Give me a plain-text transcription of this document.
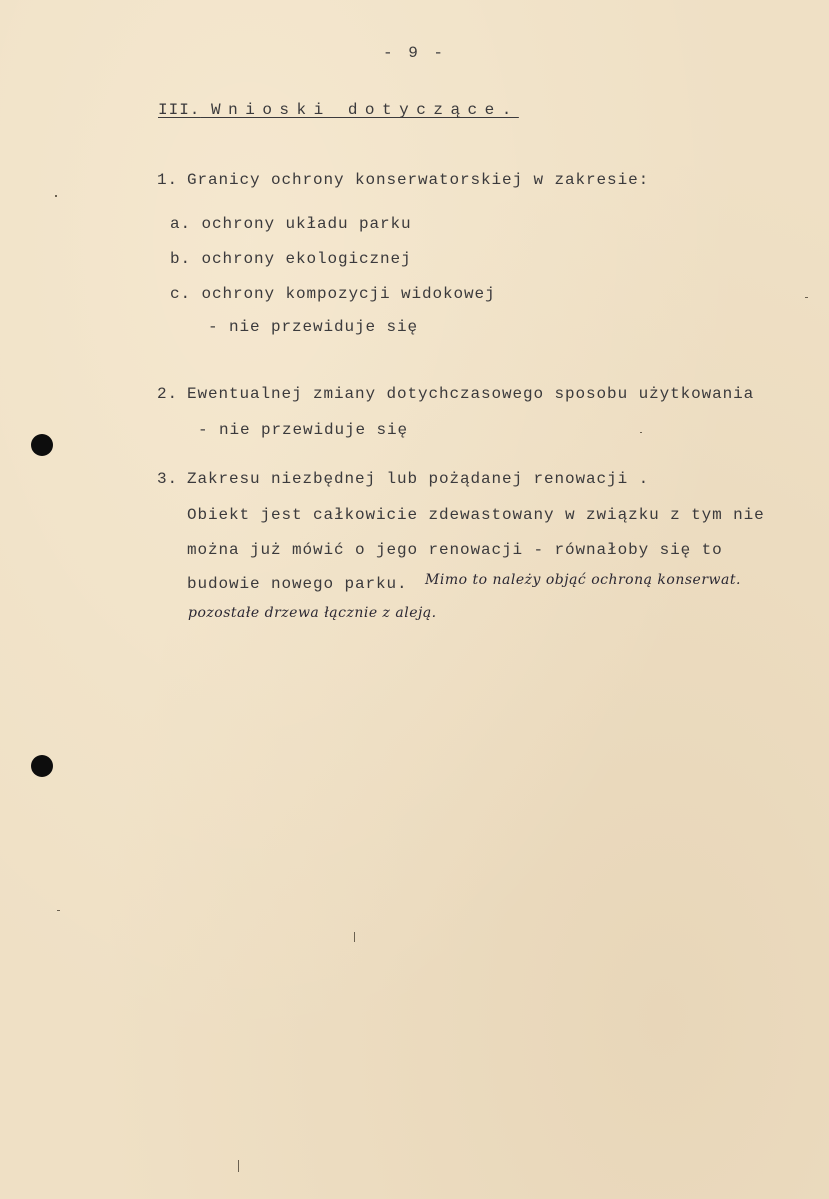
- 9 -
III. Wnioski dotyczące.
1. Granicy ochrony konserwatorskiej w zakresie:
a. ochrony układu parku
b. ochrony ekologicznej
c. ochrony kompozycji widokowej
- nie przewiduje się
2. Ewentualnej zmiany dotychczasowego sposobu użytkowania
- nie przewiduje się
3. Zakresu niezbędnej lub pożądanej renowacji .
Obiekt jest całkowicie zdewastowany w związku z tym nie
można już mówić o jego renowacji - równałoby się to
budowie nowego parku. Mimo to należy objąć ochroną konserwat.
pozostałe drzewa łącznie z aleją.
